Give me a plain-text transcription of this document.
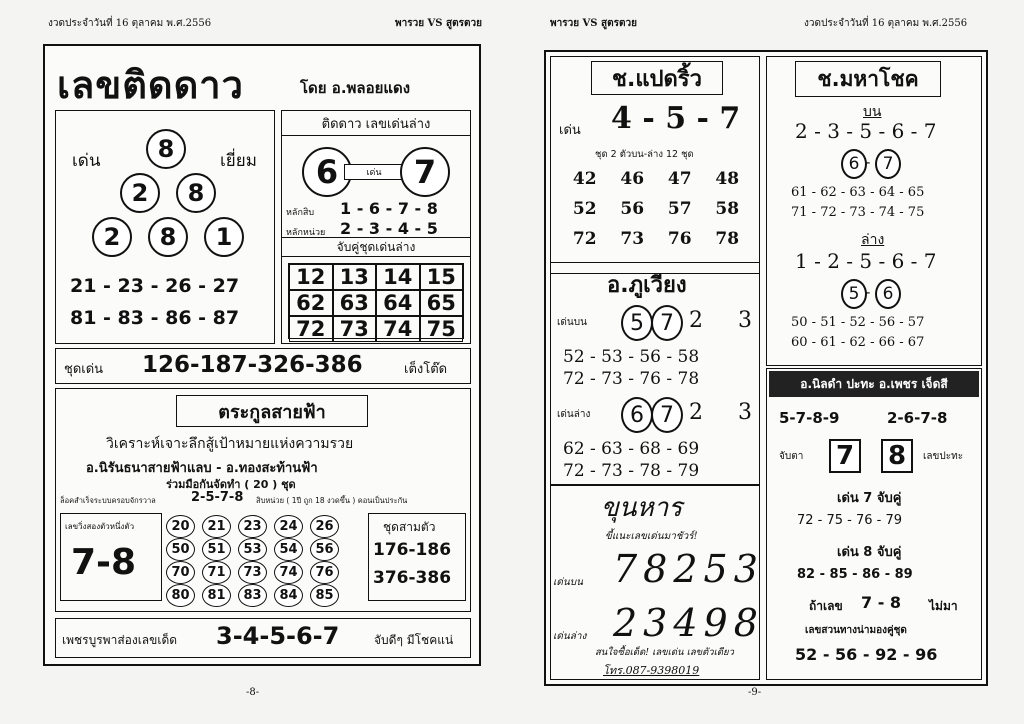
งวดประจำวันที่ 16 ตุลาคม พ.ศ.2556	พารวย VS สูตรตวย
เลขติดดาว	โดย อ.พลอยแดง
เด่น	เยี่ยม
8
2	8
2	8	1
21 - 23 - 26 - 27
81 - 83 - 86 - 87
ติดดาว เลขเด่นล่าง
6	เด่น	7
หลักสิบ 1 - 6 - 7 - 8
หลักหน่วย 2 - 3 - 4 - 5
จับคู่ชุดเด่นล่าง
12 13 14 15
62 63 64 65
72 73 74 75
ชุดเด่น 126-187-326-386	เต็งโต๊ด
ตระกูลสายฟ้า
วิเคราะห์เจาะลึกสู้เป้าหมายแห่งความรวย
อ.นิรันธนาสายฟ้าแลบ - อ.ทองสะท้านฟ้า
ร่วมมือกันจัดทำ ( 20 ) ชุด
ล็อคสำเร็จระบบครอบจักรวาล	2-5-7-8 สิบหน่วย ( 1ปี ถูก 18 งวดขึ้น ) คอนเป็นประกัน
เลขวิ่งสองตัวหนึ่งตัว
7-8
20	21	23	24	26
50	51	53	54	56
70	71	73	74	76
80	81	83	84	85
ชุดสามตัว
176-186
376-386
เพชรบูรพาส่องเลขเด็ด 3-4-5-6-7	จับดีๆ มีโชคแน่
-8-
พารวย VS สูตรตวย	งวดประจำวันที่ 16 ตุลาคม พ.ศ.2556
ช.แปดริ้ว
เด่น 4 - 5 - 7
ชุด 2 ตัวบน-ล่าง 12 ชุด
42	46	47	48
52	56	57	58
72	73	76	78
อ.ภูเวียง
เด่นบน	5 7 2     3
52 - 53 - 56 - 58
72 - 73 - 76 - 78
เด่นล่าง	6 7 2     3
62 - 63 - 68 - 69
72 - 73 - 78 - 79
ขุนหาร
ขี้แนะเลขเด่นมาชัวร์!
เด่นบน 78253
เด่นล่าง 23498
สนใจซื้อเด็ด! เลขเด่น เลขตัวเดียว
โทร.087-9398019
ช.มหาโชค
บน
2 - 3 - 5 - 6 - 7
6 - 7
61 - 62 - 63 - 64 - 65
71 - 72 - 73 - 74 - 75
ล่าง
1 - 2 - 5 - 6 - 7
5 - 6
50 - 51 - 52 - 56 - 57
60 - 61 - 62 - 66 - 67
อ.นิลดำ ปะทะ อ.เพชร เจ็ดสี
5-7-8-9	2-6-7-8
จับตา 7 8	เลขปะทะ
เด่น 7 จับคู่
72 - 75 - 76 - 79
เด่น 8 จับคู่
82 - 85 - 86 - 89
ถ้าเลข 7 - 8 ไม่มา
เลขสวนทางน่ามองคู่ชุด
52 - 56 - 92 - 96
-9-
